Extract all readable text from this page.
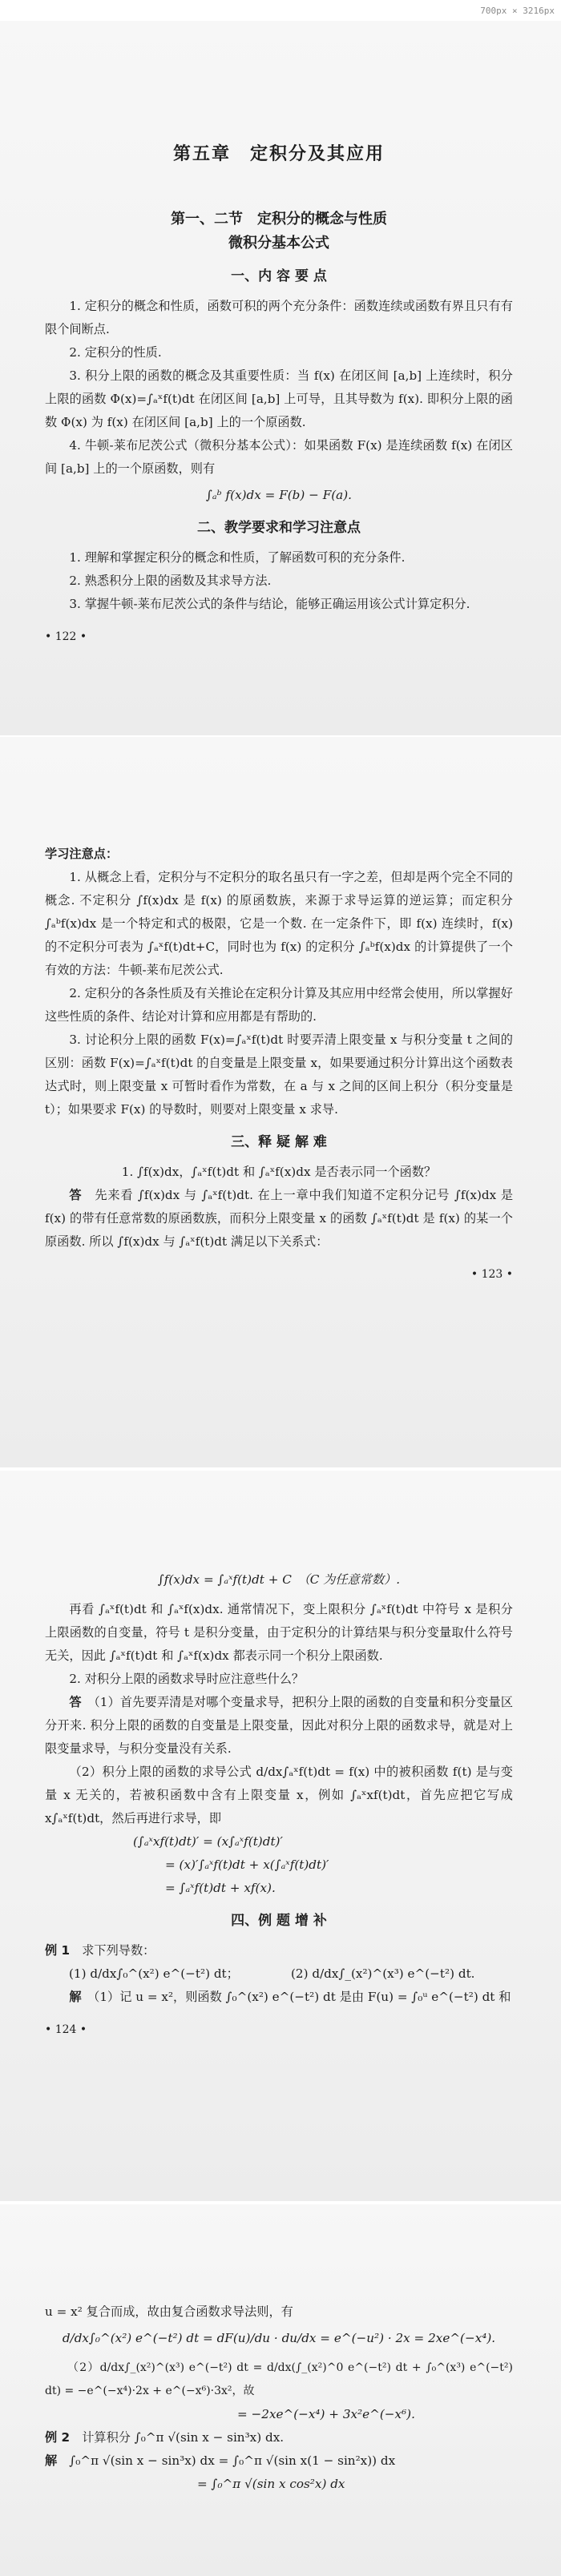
700px × 3216px
第五章　定积分及其应用
第一、二节　定积分的概念与性质
微积分基本公式
一、内 容 要 点

1. 定积分的概念和性质，函数可积的两个充分条件：函数连续或函数有界且只有有限个间断点.

2. 定积分的性质.

3. 积分上限的函数的概念及其重要性质：当 f(x) 在闭区间 [a,b] 上连续时，积分上限的函数 Φ(x)=∫ₐˣf(t)dt 在闭区间 [a,b] 上可导，且其导数为 f(x). 即积分上限的函数 Φ(x) 为 f(x) 在闭区间 [a,b] 上的一个原函数.

4. 牛顿-莱布尼茨公式（微积分基本公式）：如果函数 F(x) 是连续函数 f(x) 在闭区间 [a,b] 上的一个原函数，则有

∫ₐᵇ f(x)dx = F(b) − F(a).

二、教学要求和学习注意点

1. 理解和掌握定积分的概念和性质，了解函数可积的充分条件.

2. 熟悉积分上限的函数及其求导方法.

3. 掌握牛顿-莱布尼茨公式的条件与结论，能够正确运用该公式计算定积分.

• 122 •

学习注意点：

1. 从概念上看，定积分与不定积分的取名虽只有一字之差，但却是两个完全不同的概念. 不定积分 ∫f(x)dx 是 f(x) 的原函数族，来源于求导运算的逆运算；而定积分 ∫ₐᵇf(x)dx 是一个特定和式的极限，它是一个数. 在一定条件下，即 f(x) 连续时，f(x) 的不定积分可表为 ∫ₐˣf(t)dt+C，同时也为 f(x) 的定积分 ∫ₐᵇf(x)dx 的计算提供了一个有效的方法：牛顿-莱布尼茨公式.

2. 定积分的各条性质及有关推论在定积分计算及其应用中经常会使用，所以掌握好这些性质的条件、结论对计算和应用都是有帮助的.

3. 讨论积分上限的函数 F(x)=∫ₐˣf(t)dt 时要弄清上限变量 x 与积分变量 t 之间的区别：函数 F(x)=∫ₐˣf(t)dt 的自变量是上限变量 x，如果要通过积分计算出这个函数表达式时，则上限变量 x 可暂时看作为常数，在 a 与 x 之间的区间上积分（积分变量是 t）；如果要求 F(x) 的导数时，则要对上限变量 x 求导.

三、释 疑 解 难

1. ∫f(x)dx，∫ₐˣf(t)dt 和 ∫ₐˣf(x)dx 是否表示同一个函数？

答　 先来看 ∫f(x)dx 与 ∫ₐˣf(t)dt. 在上一章中我们知道不定积分记号 ∫f(x)dx 是 f(x) 的带有任意常数的原函数族，而积分上限变量 x 的函数 ∫ₐˣf(t)dt 是 f(x) 的某一个原函数. 所以 ∫f(x)dx 与 ∫ₐˣf(t)dt 满足以下关系式：

• 123 •

∫f(x)dx = ∫ₐˣf(t)dt + C　（C 为任意常数）.

再看 ∫ₐˣf(t)dt 和 ∫ₐˣf(x)dx. 通常情况下，变上限积分 ∫ₐˣf(t)dt 中符号 x 是积分上限函数的自变量，符号 t 是积分变量，由于定积分的计算结果与积分变量取什么符号无关，因此 ∫ₐˣf(t)dt 和 ∫ₐˣf(x)dx 都表示同一个积分上限函数.

2. 对积分上限的函数求导时应注意些什么？

答　 （1）首先要弄清是对哪个变量求导，把积分上限的函数的自变量和积分变量区分开来. 积分上限的函数的自变量是上限变量，因此对积分上限的函数求导，就是对上限变量求导，与积分变量没有关系.

（2）积分上限的函数的求导公式 d/dx∫ₐˣf(t)dt = f(x) 中的被积函数 f(t) 是与变量 x 无关的，若被积函数中含有上限变量 x，例如 ∫ₐˣxf(t)dt，首先应把它写成 x∫ₐˣf(t)dt，然后再进行求导，即

(∫ₐˣxf(t)dt)′ = (x∫ₐˣf(t)dt)′

= (x)′∫ₐˣf(t)dt + x(∫ₐˣf(t)dt)′

= ∫ₐˣf(t)dt + xf(x).

四、例 题 增 补

例 1　 求下列导数：

(1) d/dx∫₀^(x²) e^(−t²) dt；	(2) d/dx∫_(x²)^(x³) e^(−t²) dt.

解　 （1）记 u = x²，则函数 ∫₀^(x²) e^(−t²) dt 是由 F(u) = ∫₀ᵘ e^(−t²) dt 和

• 124 •

u = x² 复合而成，故由复合函数求导法则，有

d/dx∫₀^(x²) e^(−t²) dt = dF(u)/du · du/dx = e^(−u²) · 2x = 2xe^(−x⁴).

（2）d/dx∫_(x²)^(x³) e^(−t²) dt = d/dx(∫_(x²)^0 e^(−t²) dt + ∫₀^(x³) e^(−t²) dt) = −e^(−x⁴)·2x + e^(−x⁶)·3x²，故

= −2xe^(−x⁴) + 3x²e^(−x⁶).

例 2　 计算积分 ∫₀^π √(sin x − sin³x) dx.

解　 ∫₀^π √(sin x − sin³x) dx = ∫₀^π √(sin x(1 − sin²x)) dx

= ∫₀^π √(sin x cos²x) dx
